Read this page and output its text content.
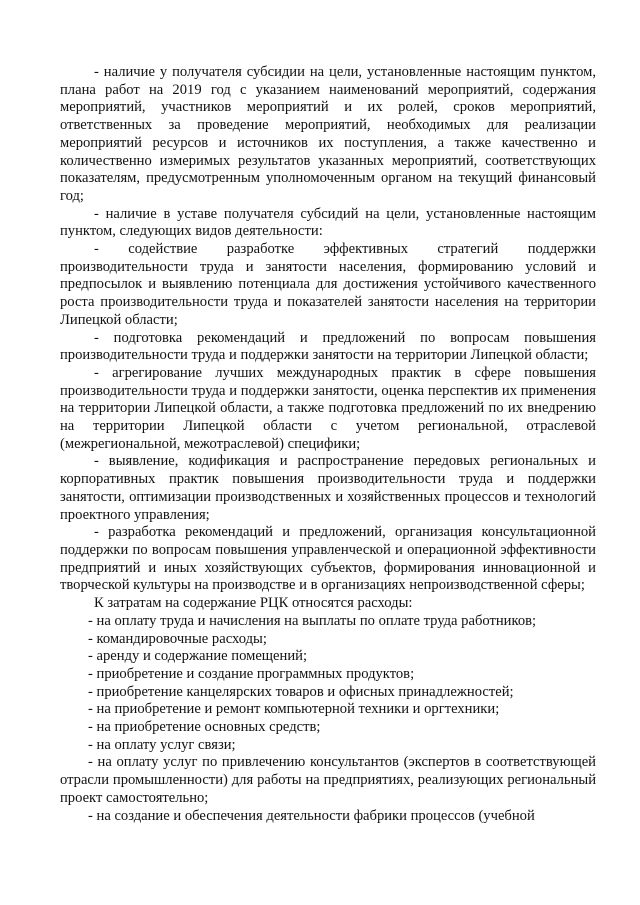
- наличие у получателя субсидии на цели, установленные настоящим пунктом, плана работ на 2019 год с указанием наименований мероприятий, содержания мероприятий, участников мероприятий и их ролей, сроков мероприятий, ответственных за проведение мероприятий, необходимых для реализации мероприятий ресурсов и источников их поступления, а также качественно и количественно измеримых результатов указанных мероприятий, соответствующих показателям, предусмотренным уполномоченным органом на текущий финансовый год;

- наличие в уставе получателя субсидий на цели, установленные настоящим пунктом, следующих видов деятельности:

- содействие разработке эффективных стратегий поддержки производительности труда и занятости населения, формированию условий и предпосылок и выявлению потенциала для достижения устойчивого качественного роста производительности труда и показателей занятости населения на территории Липецкой области;

- подготовка рекомендаций и предложений по вопросам повышения производительности труда и поддержки занятости на территории Липецкой области;

- агрегирование лучших международных практик в сфере повышения производительности труда и поддержки занятости, оценка перспектив их применения на территории Липецкой области, а также подготовка предложений по их внедрению на территории Липецкой области с учетом региональной, отраслевой (межрегиональной, межотраслевой) специфики;

- выявление, кодификация и распространение передовых региональных и корпоративных практик повышения производительности труда и поддержки занятости, оптимизации производственных и хозяйственных процессов и технологий проектного управления;

- разработка рекомендаций и предложений, организация консультационной поддержки по вопросам повышения управленческой и операционной эффективности предприятий и иных хозяйствующих субъектов, формирования инновационной и творческой культуры на производстве и в организациях непроизводственной сферы;

К затратам на содержание РЦК относятся расходы:

- на оплату труда и начисления на выплаты по оплате труда работников;

- командировочные расходы;

- аренду и содержание помещений;

- приобретение и создание программных продуктов;

- приобретение канцелярских товаров и офисных принадлежностей;

- на приобретение и ремонт компьютерной техники и оргтехники;

- на приобретение основных средств;

- на оплату услуг связи;

- на оплату услуг по привлечению консультантов (экспертов в соответствующей отрасли промышленности) для работы на предприятиях, реализующих региональный проект самостоятельно;

- на создание и обеспечения деятельности фабрики процессов (учебной
